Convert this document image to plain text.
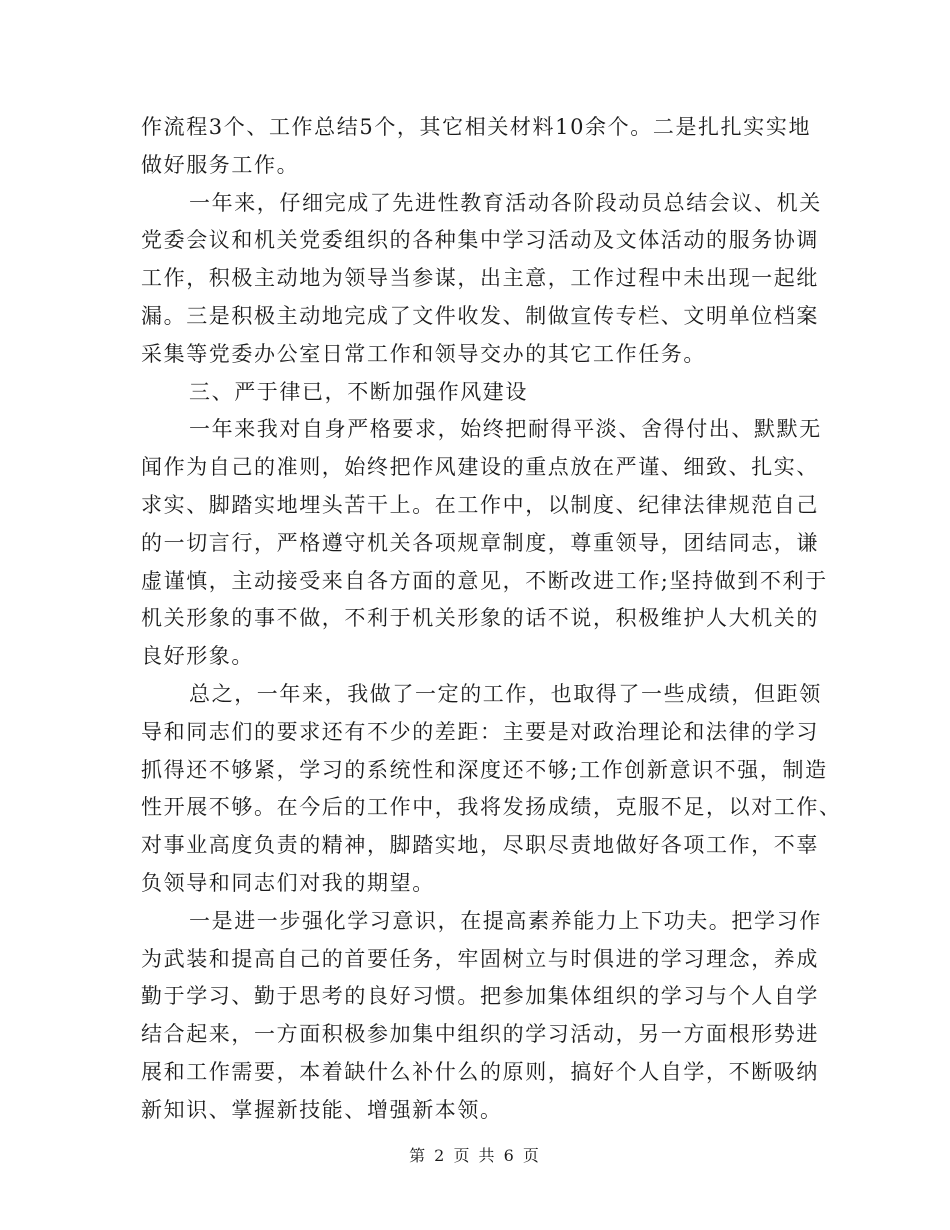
作流程3个、工作总结5个，其它相关材料10余个。二是扎扎实实地
做好服务工作。
一年来，仔细完成了先进性教育活动各阶段动员总结会议、机关
党委会议和机关党委组织的各种集中学习活动及文体活动的服务协调
工作，积极主动地为领导当参谋，出主意，工作过程中未出现一起纰
漏。三是积极主动地完成了文件收发、制做宣传专栏、文明单位档案
采集等党委办公室日常工作和领导交办的其它工作任务。
三、严于律已，不断加强作风建设
一年来我对自身严格要求，始终把耐得平淡、舍得付出、默默无
闻作为自己的准则，始终把作风建设的重点放在严谨、细致、扎实、
求实、脚踏实地埋头苦干上。在工作中，以制度、纪律法律规范自己
的一切言行，严格遵守机关各项规章制度，尊重领导，团结同志，谦
虚谨慎，主动接受来自各方面的意见，不断改进工作;坚持做到不利于
机关形象的事不做，不利于机关形象的话不说，积极维护人大机关的
良好形象。
总之，一年来，我做了一定的工作，也取得了一些成绩，但距领
导和同志们的要求还有不少的差距：主要是对政治理论和法律的学习
抓得还不够紧，学习的系统性和深度还不够;工作创新意识不强，制造
性开展不够。在今后的工作中，我将发扬成绩，克服不足，以对工作、
对事业高度负责的精神，脚踏实地，尽职尽责地做好各项工作，不辜
负领导和同志们对我的期望。
一是进一步强化学习意识，在提高素养能力上下功夫。把学习作
为武装和提高自己的首要任务，牢固树立与时俱进的学习理念，养成
勤于学习、勤于思考的良好习惯。把参加集体组织的学习与个人自学
结合起来，一方面积极参加集中组织的学习活动，另一方面根形势进
展和工作需要，本着缺什么补什么的原则，搞好个人自学，不断吸纳
新知识、掌握新技能、增强新本领。
第 2 页 共 6 页
